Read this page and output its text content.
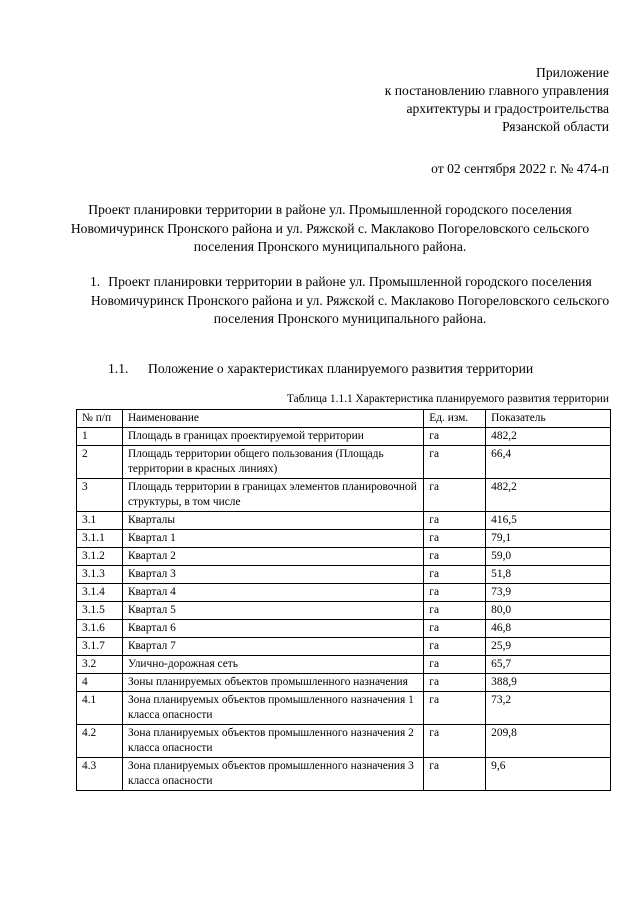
Приложение
к постановлению главного управления
архитектуры и градостроительства
Рязанской области
от 02 сентября 2022 г. № 474-п
Проект планировки территории в районе ул. Промышленной городского поселения Новомичуринск Пронского района и ул. Ряжской с. Маклаково Погореловского сельского поселения Пронского муниципального района.
1. Проект планировки территории в районе ул. Промышленной городского поселения Новомичуринск Пронского района и ул. Ряжской с. Маклаково Погореловского сельского поселения Пронского муниципального района.
1.1. Положение о характеристиках планируемого развития территории
Таблица 1.1.1 Характеристика планируемого развития территории
№ п/п	Наименование	Ед. изм.	Показатель
1	Площадь в границах проектируемой территории	га	482,2
2	Площадь территории общего пользования (Площадь территории в красных линиях)	га	66,4
3	Площадь территории в границах элементов планировочной структуры, в том числе	га	482,2
3.1	Кварталы	га	416,5
3.1.1	Квартал 1	га	79,1
3.1.2	Квартал 2	га	59,0
3.1.3	Квартал 3	га	51,8
3.1.4	Квартал 4	га	73,9
3.1.5	Квартал 5	га	80,0
3.1.6	Квартал 6	га	46,8
3.1.7	Квартал 7	га	25,9
3.2	Улично-дорожная сеть	га	65,7
4	Зоны планируемых объектов промышленного назначения	га	388,9
4.1	Зона планируемых объектов промышленного назначения 1 класса опасности	га	73,2
4.2	Зона планируемых объектов промышленного назначения 2 класса опасности	га	209,8
4.3	Зона планируемых объектов промышленного назначения 3 класса опасности	га	9,6
